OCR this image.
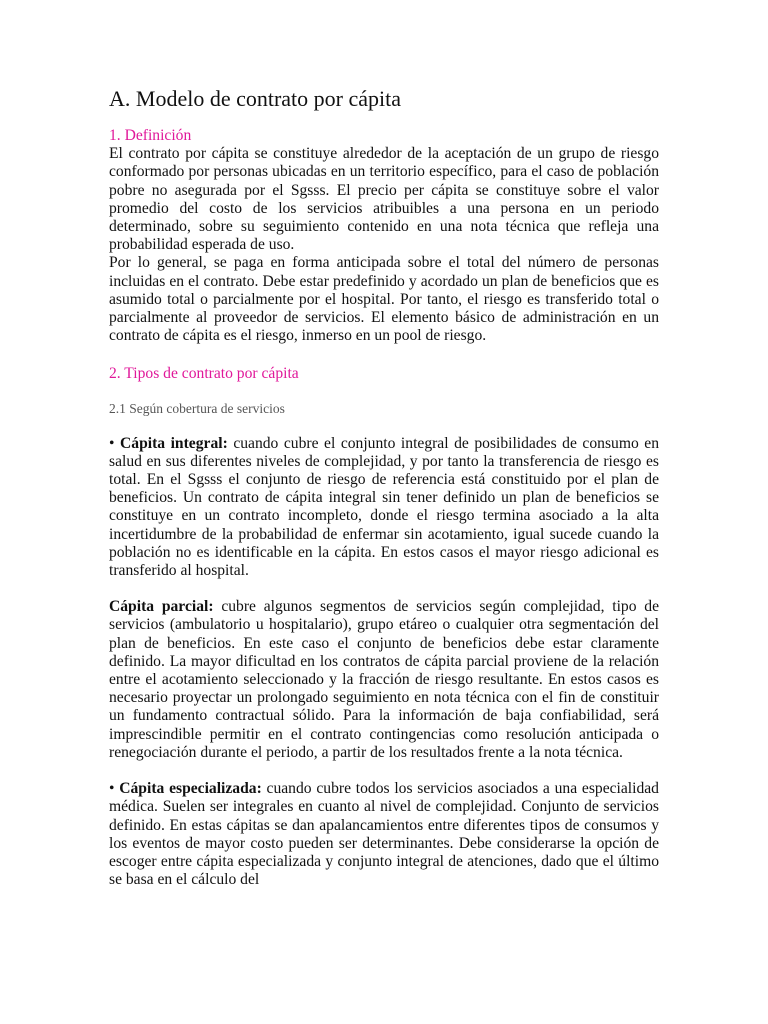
A. Modelo de contrato por cápita
1. Definición

El contrato por cápita se constituye alrededor de la aceptación de un grupo de riesgo conformado por personas ubicadas en un territorio específico, para el caso de población pobre no asegurada por el Sgsss. El precio per cápita se constituye sobre el valor promedio del costo de los servicios atribuibles a una persona en un periodo determinado, sobre su seguimiento contenido en una nota técnica que refleja una probabilidad esperada de uso.

Por lo general, se paga en forma anticipada sobre el total del número de personas incluidas en el contrato. Debe estar predefinido y acordado un plan de beneficios que es asumido total o parcialmente por el hospital. Por tanto, el riesgo es transferido total o parcialmente al proveedor de servicios. El elemento básico de administración en un contrato de cápita es el riesgo, inmerso en un pool de riesgo.

2. Tipos de contrato por cápita
2.1 Según cobertura de servicios

• Cápita integral: cuando cubre el conjunto integral de posibilidades de consumo en salud en sus diferentes niveles de complejidad, y por tanto la transferencia de riesgo es total. En el Sgsss el conjunto de riesgo de referencia está constituido por el plan de beneficios. Un contrato de cápita integral sin tener definido un plan de beneficios se constituye en un contrato incompleto, donde el riesgo termina asociado a la alta incertidumbre de la probabilidad de enfermar sin acotamiento, igual sucede cuando la población no es identificable en la cápita. En estos casos el mayor riesgo adicional es transferido al hospital.

Cápita parcial: cubre algunos segmentos de servicios según complejidad, tipo de servicios (ambulatorio u hospitalario), grupo etáreo o cualquier otra segmentación del plan de beneficios. En este caso el conjunto de beneficios debe estar claramente definido. La mayor dificultad en los contratos de cápita parcial proviene de la relación entre el acotamiento seleccionado y la fracción de riesgo resultante. En estos casos es necesario proyectar un prolongado seguimiento en nota técnica con el fin de constituir un fundamento contractual sólido. Para la información de baja confiabilidad, será imprescindible permitir en el contrato contingencias como resolución anticipada o renegociación durante el periodo, a partir de los resultados frente a la nota técnica.

• Cápita especializada: cuando cubre todos los servicios asociados a una especialidad médica. Suelen ser integrales en cuanto al nivel de complejidad. Conjunto de servicios definido. En estas cápitas se dan apalancamientos entre diferentes tipos de consumos y los eventos de mayor costo pueden ser determinantes. Debe considerarse la opción de escoger entre cápita especializada y conjunto integral de atenciones, dado que el último se basa en el cálculo del
